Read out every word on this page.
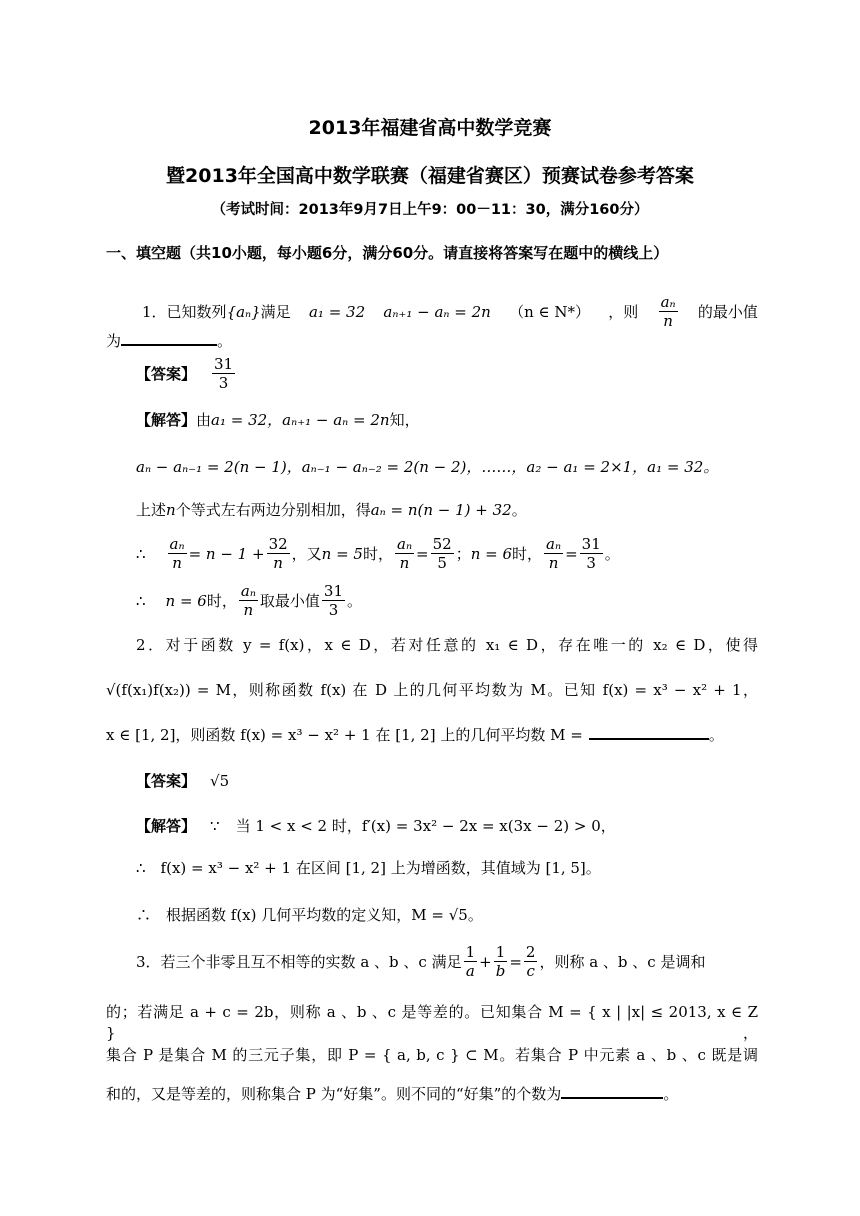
2013年福建省高中数学竞赛
暨2013年全国高中数学联赛（福建省赛区）预赛试卷参考答案
（考试时间：2013年9月7日上午9：00－11：30，满分160分）
一、填空题（共10小题，每小题6分，满分60分。请直接将答案写在题中的横线上）
1．已知数列{aₙ}满足 a₁ = 32 aₙ₊₁ − aₙ = 2n （n ∈ N*） ，则 $\frac{\text{aₙ}}{n}$ 的最小值
为	。
【答案】 $\frac{31}{3}$
【解答】由a₁ = 32，aₙ₊₁ − aₙ = 2n知，
aₙ − aₙ₋₁ = 2(n − 1)，aₙ₋₁ − aₙ₋₂ = 2(n − 2)，……，a₂ − a₁ = 2×1，a₁ = 32。
上述n个等式左右两边分别相加，得aₙ = n(n − 1) + 32。
∴ $\frac{\text{aₙ}}{n} = n - 1 + \frac{32}{n}$ ，又 n = 5 时， $\frac{\text{aₙ}}{n} = \frac{52}{5}$ ； n = 6 时， $\frac{\text{aₙ}}{n} = \frac{31}{3}$ 。
∴ n = 6 时， $\frac{\text{aₙ}}{n}$ 取最小值 $\frac{31}{3}$ 。
2．对于函数 y = f(x)，x ∈ D，若对任意的 x₁ ∈ D，存在唯一的 x₂ ∈ D，使得
√(f(x₁)f(x₂)) = M，则称函数 f(x) 在 D 上的几何平均数为 M。已知 f(x) = x³ − x² + 1，
x ∈ [1, 2]，则函数 f(x) = x³ − x² + 1 在 [1, 2] 上的几何平均数 M =	。
【答案】 √5
【解答】 ∵ 当 1 < x < 2 时，f′(x) = 3x² − 2x = x(3x − 2) > 0，
∴　f(x) = x³ − x² + 1 在区间 [1, 2] 上为增函数，其值域为 [1, 5]。
∴　根据函数 f(x) 几何平均数的定义知，M = √5。
3．若三个非零且互不相等的实数 a 、b 、c 满足 $\frac{1}{a} + \frac{1}{b} = \frac{2}{c}$ ，则称 a 、b 、c 是调和
的；若满足 a + c = 2b，则称 a 、b 、c 是等差的。已知集合 M = { x | |x| ≤ 2013, x ∈ Z }，
集合 P 是集合 M 的三元子集，即 P = { a, b, c } ⊂ M。若集合 P 中元素 a 、b 、c 既是调
和的，又是等差的，则称集合 P 为“好集”。则不同的“好集”的个数为	。
